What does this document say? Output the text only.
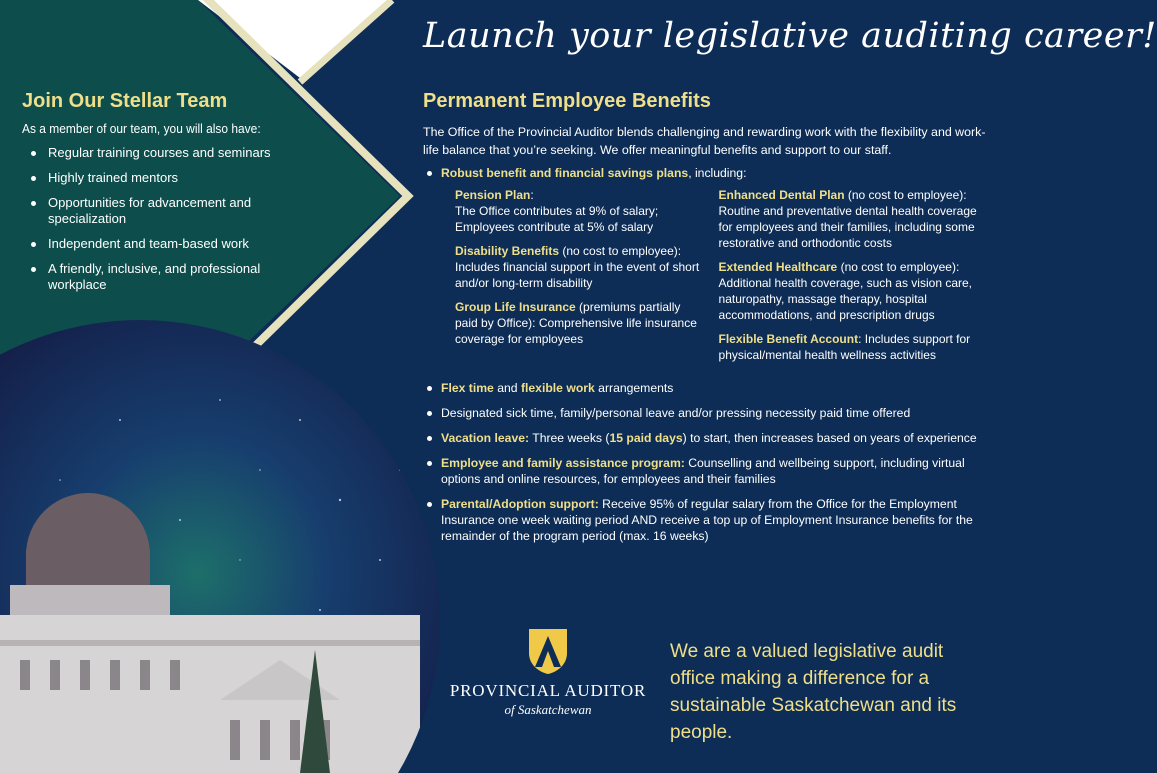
Launch your legislative auditing career!
Join Our Stellar Team

As a member of our team, you will also have:

Regular training courses and seminars
Highly trained mentors
Opportunities for advancement and specialization
Independent and team-based work
A friendly, inclusive, and professional workplace
Permanent Employee Benefits

The Office of the Provincial Auditor blends challenging and rewarding work with the flexibility and work-life balance that you’re seeking. We offer meaningful benefits and support to our staff.

Robust benefit and financial savings plans, including:
Pension Plan:
The Office contributes at 9% of salary; Employees contribute at 5% of salary
Disability Benefits (no cost to employee):
Includes financial support in the event of short and/or long-term disability
Group Life Insurance (premiums partially paid by Office): Comprehensive life insurance coverage for employees
Enhanced Dental Plan (no cost to employee): Routine and preventative dental health coverage for employees and their families, including some restorative and orthodontic costs
Extended Healthcare (no cost to employee): Additional health coverage, such as vision care, naturopathy, massage therapy, hospital accommodations, and prescription drugs
Flexible Benefit Account: Includes support for physical/mental health wellness activities
Flex time and flexible work arrangements
Designated sick time, family/personal leave and/or pressing necessity paid time offered
Vacation leave: Three weeks (15 paid days) to start, then increases based on years of experience
Employee and family assistance program: Counselling and wellbeing support, including virtual options and online resources, for employees and their families
Parental/Adoption support: Receive 95% of regular salary from the Office for the Employment Insurance one week waiting period AND receive a top up of Employment Insurance benefits for the remainder of the program period (max. 16 weeks)
PROVINCIAL AUDITOR
of Saskatchewan
We are a valued legislative audit office making a difference for a sustainable Saskatchewan and its people.
